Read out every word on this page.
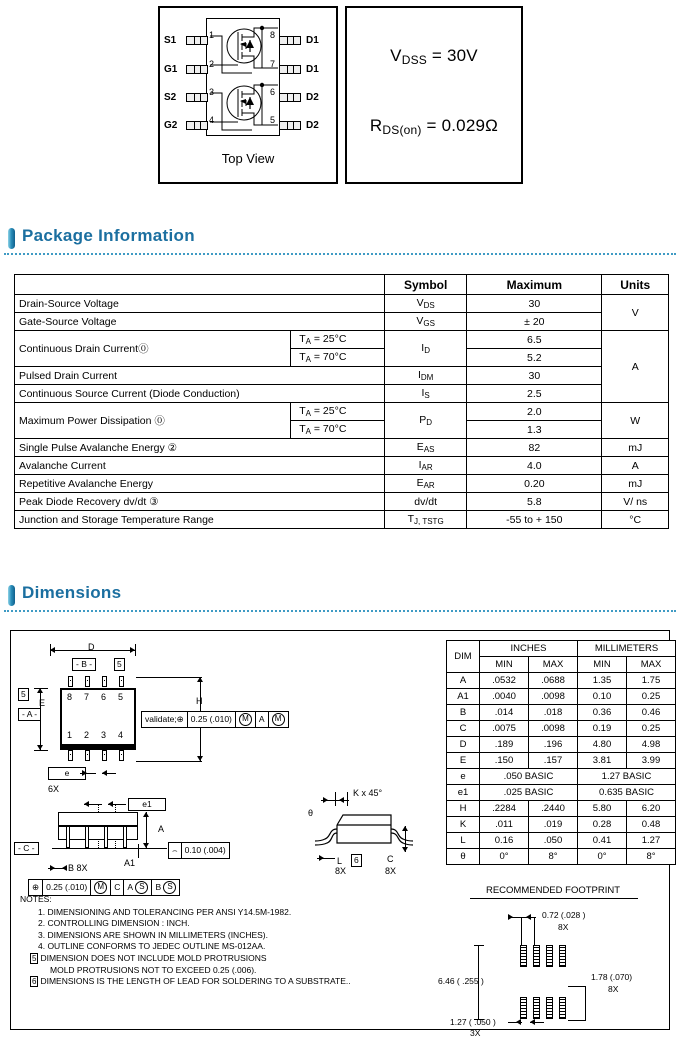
S1	1
G1	2
S2	3
G2	4
8	D1
7	D1
6	D2
5	D2
Top View
$V_{DSS} = 30V$
$R_{DS(on)} = 0.029\Omega$
Package Information
		Symbol	Maximum	Units
Drain-Source Voltage		$V_{DS}$	30	V
Gate-Source Voltage		$V_{GS}$	± 20	
Continuous Drain Current⓪	$T_A = 25^\circ C$	$I_D$	6.5	A
	$T_A = 70^\circ C$		5.2	
Pulsed Drain Current		$I_{DM}$	30	
Continuous Source Current (Diode Conduction)		$I_S$	2.5	
Maximum Power Dissipation ⓪	$T_A = 25^\circ C$	$P_D$	2.0	W
	$T_A = 70^\circ C$		1.3	
Single Pulse Avalanche Energy ②		$E_{AS}$	82	mJ
Avalanche Current		$I_{AR}$	4.0	A
Repetitive Avalanche Energy		$E_{AR}$	0.20	mJ
Peak Diode Recovery dv/dt ③		dv/dt	5.8	V/ ns
Junction and Storage Temperature Range		$T_{J, TSTG}$	-55 to + 150	°C
Dimensions
D
- B -	5
8 7 6 5
1 2 3 4
5
E
- A -
H
validate;⊕ 0.25 (.010)	M	A	M
e
6X
e1
- C -
A
A1
⌢ 0.10 (.004)
B 8X
⊕ 0.25 (.010)	M	C A
S	B
S
K x 45°
L	6
8X
C
8X
θ
DIM	INCHES		MILLIMETERS	
	MIN	MAX	MIN	MAX
A	.0532	.0688	1.35	1.75
A1	.0040	.0098	0.10	0.25
B	.014	.018	0.36	0.46
C	.0075	.0098	0.19	0.25
D	.189	.196	4.80	4.98
E	.150	.157	3.81	3.99
e	.050 BASIC		1.27 BASIC	
e1	.025 BASIC		0.635 BASIC	
H	.2284	.2440	5.80	6.20
K	.011	.019	0.28	0.48
L	0.16	.050	0.41	1.27
θ	0°	8°	0°	8°
NOTES:
1. DIMENSIONING AND TOLERANCING PER ANSI Y14.5M-1982.
2. CONTROLLING DIMENSION : INCH.
3. DIMENSIONS ARE SHOWN IN MILLIMETERS (INCHES).
4. OUTLINE CONFORMS TO JEDEC OUTLINE MS-012AA.
5 DIMENSION DOES NOT INCLUDE MOLD PROTRUSIONS
MOLD PROTRUSIONS NOT TO EXCEED 0.25 (.006).
6 DIMENSIONS IS THE LENGTH OF LEAD FOR SOLDERING TO A SUBSTRATE..
RECOMMENDED FOOTPRINT
0.72 (.028 )
8X
6.46 ( .255 )	1.78 (.070)
8X
1.27 ( .050 )
3X
